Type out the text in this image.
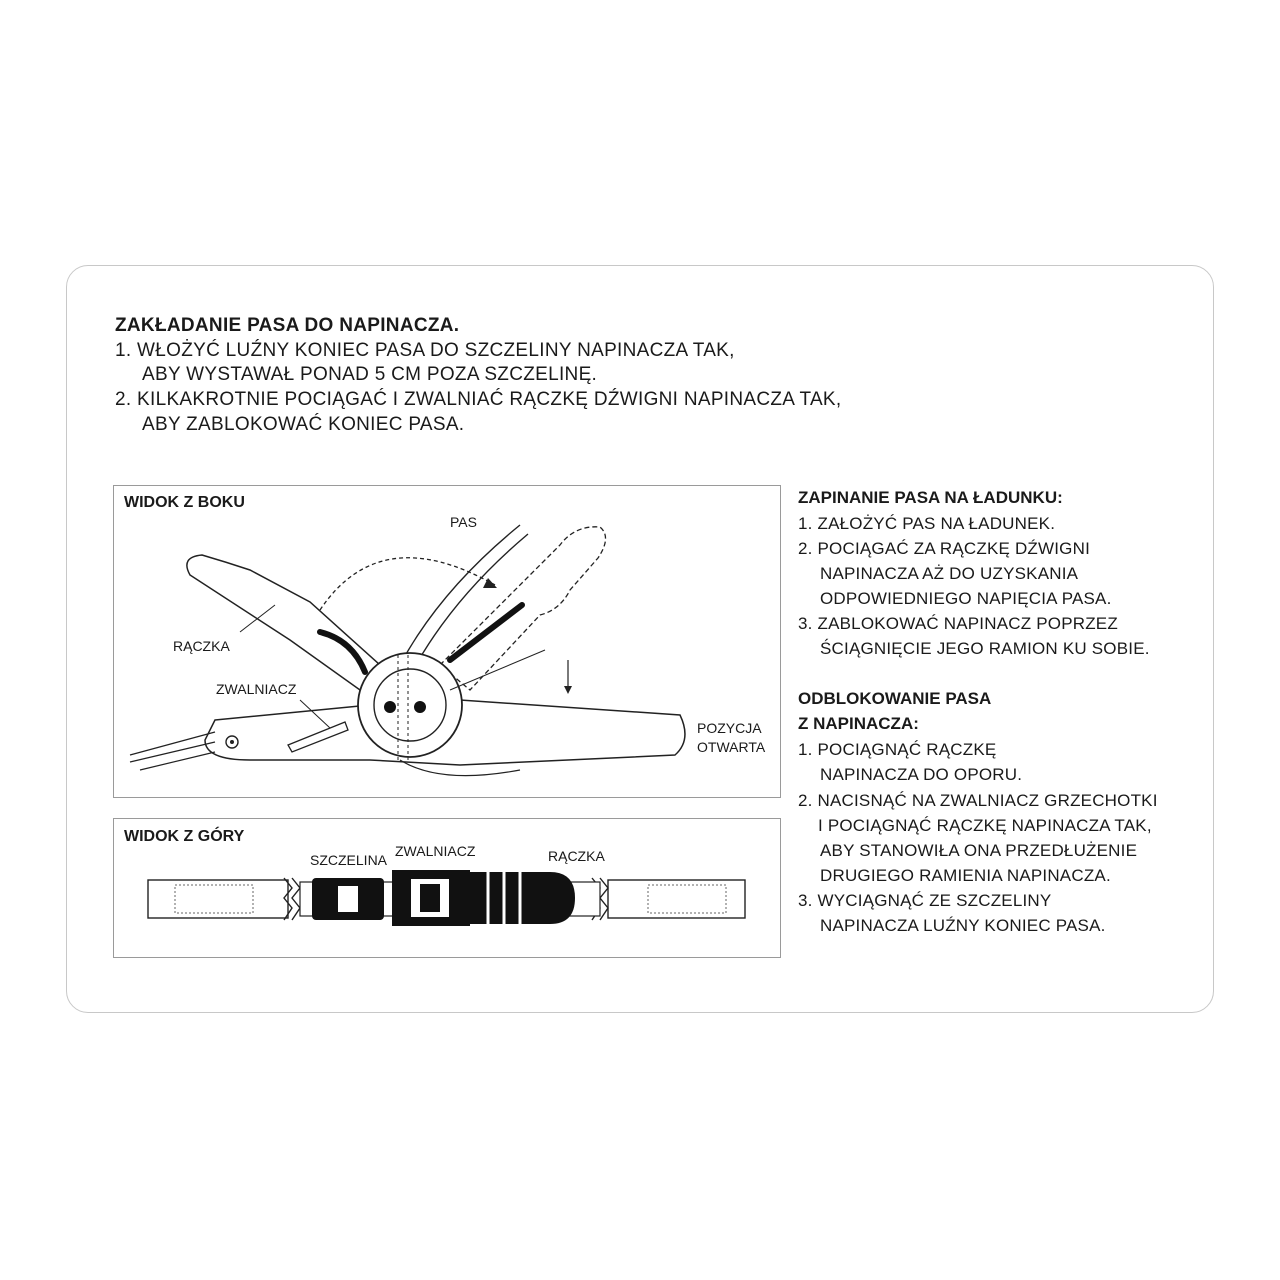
ZAKŁADANIE PASA DO NAPINACZA.
1. WŁOŻYĆ LUŹNY KONIEC PASA DO SZCZELINY NAPINACZA TAK,
ABY WYSTAWAŁ PONAD 5 CM POZA SZCZELINĘ.
2. KILKAKROTNIE POCIĄGAĆ I ZWALNIAĆ RĄCZKĘ DŹWIGNI NAPINACZA TAK,
ABY ZABLOKOWAĆ KONIEC PASA.
WIDOK Z BOKU
PAS
RĄCZKA
ZWALNIACZ
POZYCJA
OTWARTA
WIDOK Z GÓRY
SZCZELINA
ZWALNIACZ	RĄCZKA
ZAPINANIE PASA NA ŁADUNKU:
1. ZAŁOŻYĆ PAS NA ŁADUNEK.
2. POCIĄGAĆ ZA RĄCZKĘ DŹWIGNI
NAPINACZA AŻ DO UZYSKANIA
ODPOWIEDNIEGO NAPIĘCIA PASA.
3. ZABLOKOWAĆ NAPINACZ POPRZEZ
ŚCIĄGNIĘCIE JEGO RAMION KU SOBIE.
ODBLOKOWANIE PASA
Z NAPINACZA:
1. POCIĄGNĄĆ RĄCZKĘ
NAPINACZA DO OPORU.
2. NACISNĄĆ NA ZWALNIACZ GRZECHOTKI
I POCIĄGNĄĆ RĄCZKĘ NAPINACZA TAK,
ABY STANOWIŁA ONA PRZEDŁUŻENIE
DRUGIEGO RAMIENIA NAPINACZA.
3. WYCIĄGNĄĆ ZE SZCZELINY
NAPINACZA LUŹNY KONIEC PASA.
